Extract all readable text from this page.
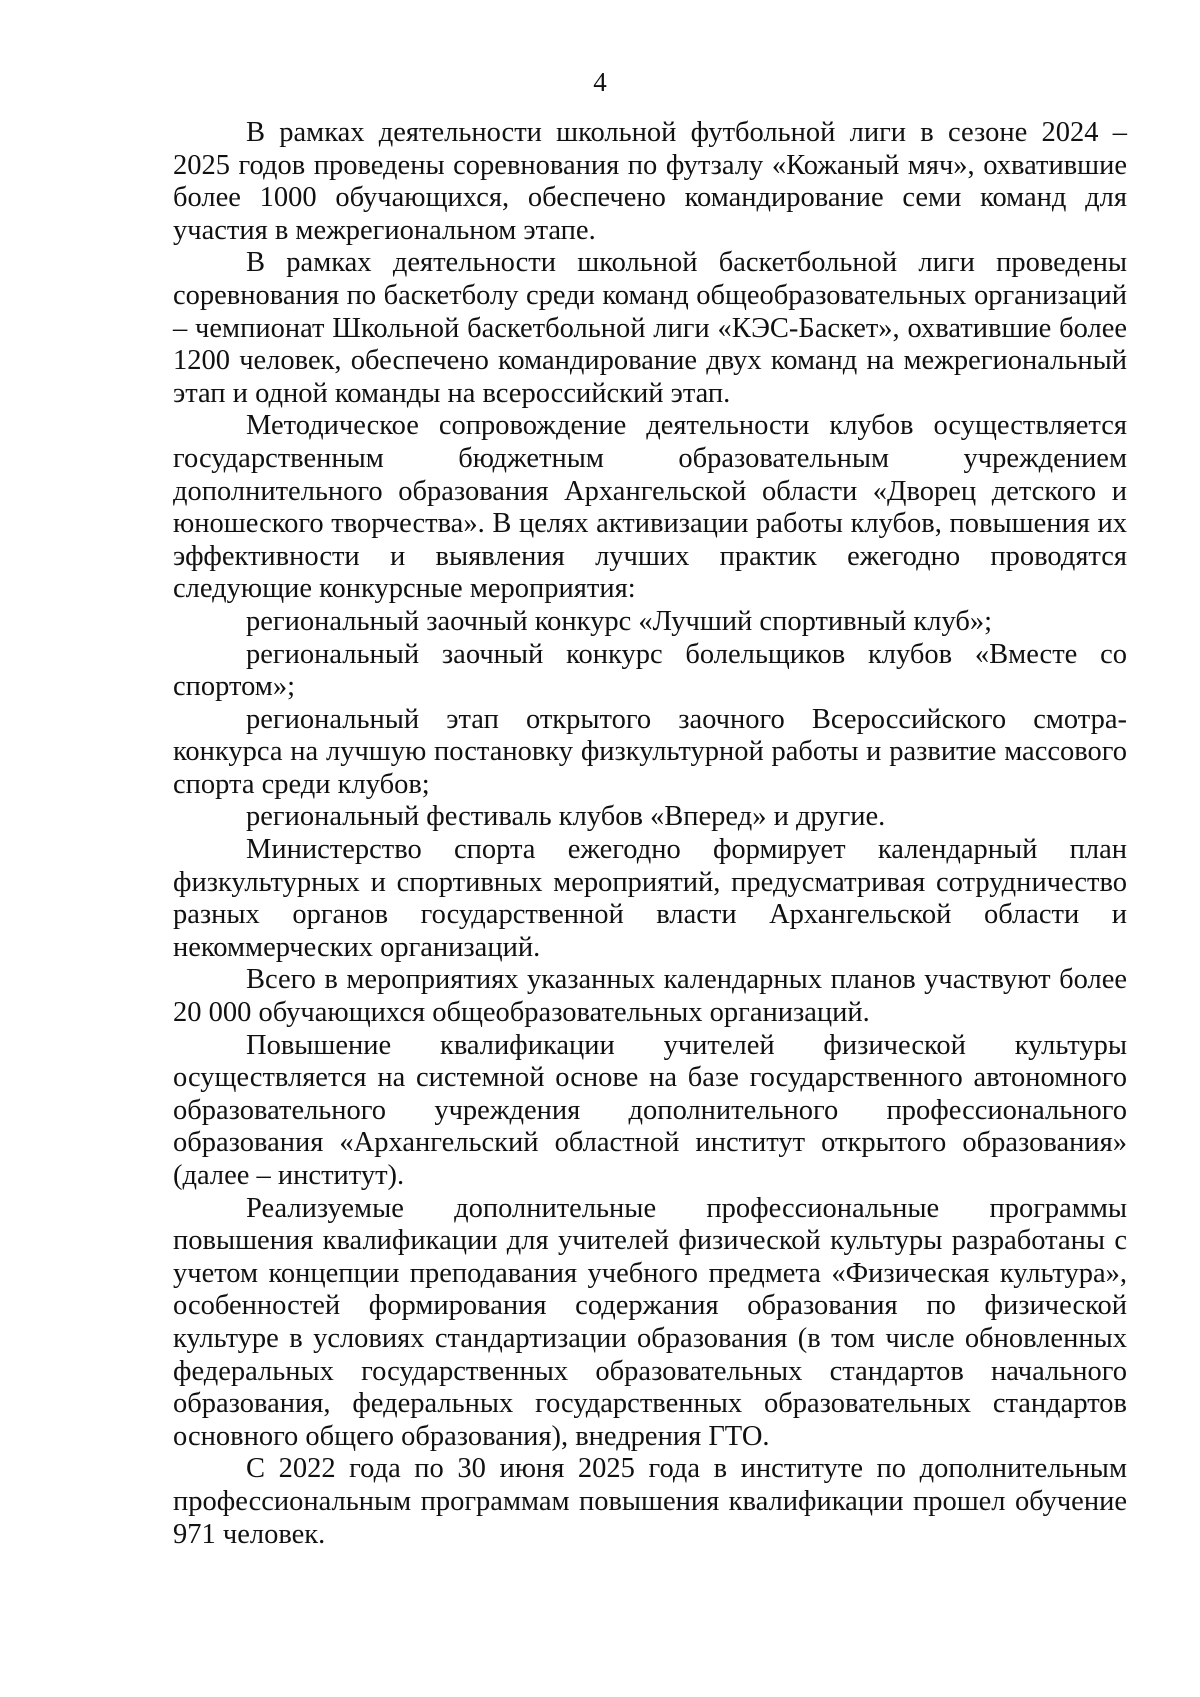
4

В рамках деятельности школьной футбольной лиги в сезоне 2024 – 2025 годов проведены соревнования по футзалу «Кожаный мяч», охватившие более 1000 обучающихся, обеспечено командирование семи команд для участия в межрегиональном этапе.

В рамках деятельности школьной баскетбольной лиги проведены соревнования по баскетболу среди команд общеобразовательных организаций – чемпионат Школьной баскетбольной лиги «КЭС-Баскет», охватившие более 1200 человек, обеспечено командирование двух команд на межрегиональный этап и одной команды на всероссийский этап.

Методическое сопровождение деятельности клубов осуществляется государственным бюджетным образовательным учреждением дополнительного образования Архангельской области «Дворец детского и юношеского творчества». В целях активизации работы клубов, повышения их эффективности и выявления лучших практик ежегодно проводятся следующие конкурсные мероприятия:

региональный заочный конкурс «Лучший спортивный клуб»;

региональный заочный конкурс болельщиков клубов «Вместе со спортом»;

региональный этап открытого заочного Всероссийского смотра-конкурса на лучшую постановку физкультурной работы и развитие массового спорта среди клубов;

региональный фестиваль клубов «Вперед» и другие.

Министерство спорта ежегодно формирует календарный план физкультурных и спортивных мероприятий, предусматривая сотрудничество разных органов государственной власти Архангельской области и некоммерческих организаций.

Всего в мероприятиях указанных календарных планов участвуют более 20 000 обучающихся общеобразовательных организаций.

Повышение квалификации учителей физической культуры осуществляется на системной основе на базе государственного автономного образовательного учреждения дополнительного профессионального образования «Архангельский областной институт открытого образования» (далее – институт).

Реализуемые дополнительные профессиональные программы повышения квалификации для учителей физической культуры разработаны с учетом концепции преподавания учебного предмета «Физическая культура», особенностей формирования содержания образования по физической культуре в условиях стандартизации образования (в том числе обновленных федеральных государственных образовательных стандартов начального образования, федеральных государственных образовательных стандартов основного общего образования), внедрения ГТО.

С 2022 года по 30 июня 2025 года в институте по дополнительным профессиональным программам повышения квалификации прошел обучение 971 человек.
